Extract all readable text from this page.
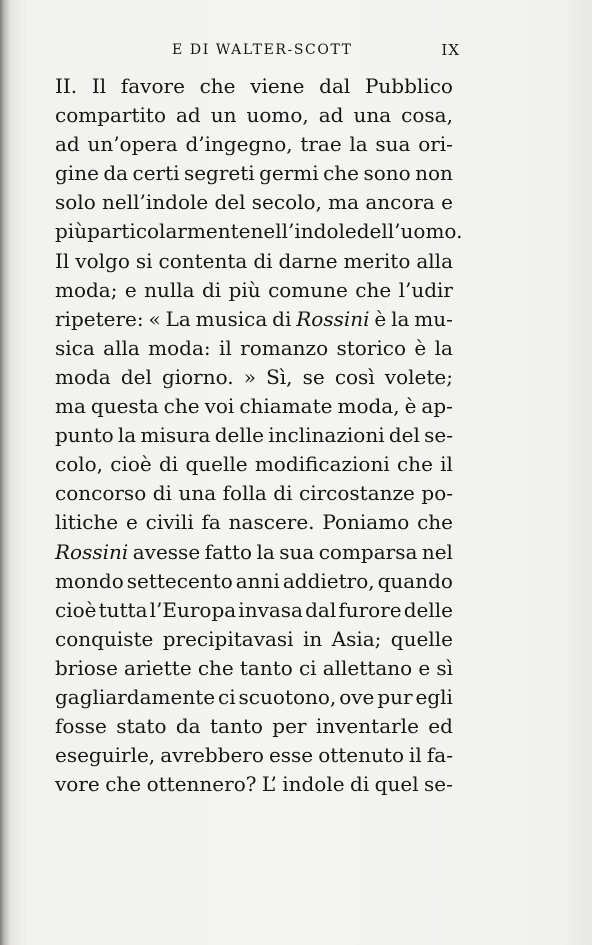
E DI WALTER-SCOTT	IX
II. Il favore che viene dal Pubblico
compartito ad un uomo, ad una cosa,
ad un’opera d’ingegno, trae la sua ori-
gine da certi segreti germi che sono non
solo nell’indole del secolo, ma ancora e
più particolarmente nell’indole dell’uomo.
Il volgo si contenta di darne merito alla
moda; e nulla di più comune che l’udir
ripetere: « La musica di Rossini è la mu-
sica alla moda: il romanzo storico è la
moda del giorno. » Sì, se così volete;
ma questa che voi chiamate moda, è ap-
punto la misura delle inclinazioni del se-
colo, cioè di quelle modificazioni che il
concorso di una folla di circostanze po-
litiche e civili fa nascere. Poniamo che
Rossini avesse fatto la sua comparsa nel
mondo settecento anni addietro, quando
cioè tutta l’Europa invasa dal furore delle
conquiste precipitavasi in Asia; quelle
briose ariette che tanto ci allettano e sì
gagliardamente ci scuotono, ove pur egli
fosse stato da tanto per inventarle ed
eseguirle, avrebbero esse ottenuto il fa-
vore che ottennero? L’ indole di quel se-
